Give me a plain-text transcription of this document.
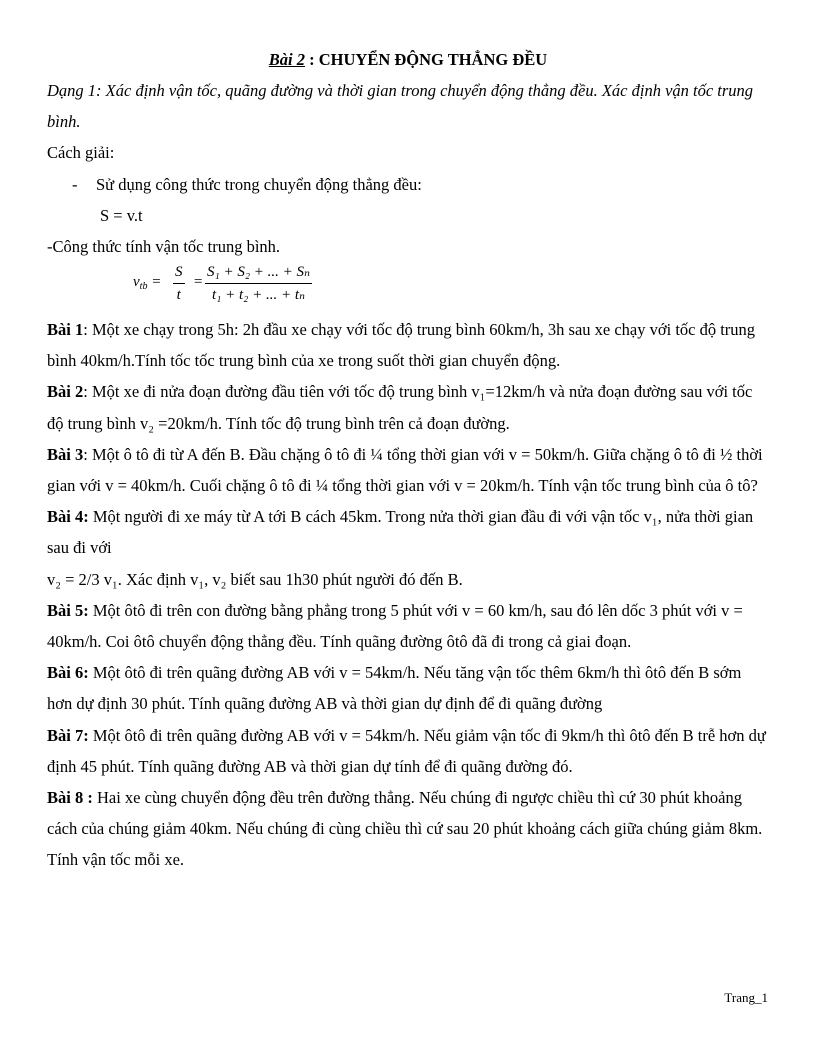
Bài 2 : CHUYỂN ĐỘNG THẲNG ĐỀU
Dạng 1: Xác định vận tốc, quãng đường và thời gian trong chuyển động thẳng đều. Xác định vận tốc trung bình.
Cách giải:
- Sử dụng công thức trong chuyển động thẳng đều:
S = v.t
-Công thức tính vận tốc trung bình.
$v_{tb} = \frac{S}{t} = \frac{\text{S₁ + S₂ + ... + Sₙ}}{\text{t₁ + t₂ + ... + tₙ}}$
Bài 1: Một xe chạy trong 5h: 2h đầu xe chạy với tốc độ trung bình 60km/h, 3h sau xe chạy với tốc độ trung bình 40km/h.Tính tốc tốc trung bình của xe trong suốt thời gian chuyển động.
Bài 2: Một xe đi nửa đoạn đường đầu tiên với tốc độ trung bình v₁=12km/h và nửa đoạn đường sau với tốc độ trung bình v₂ =20km/h. Tính tốc độ trung bình trên cả đoạn đường.
Bài 3: Một ô tô đi từ A đến B. Đầu chặng ô tô đi ¼ tổng thời gian với v = 50km/h. Giữa chặng ô tô đi ½ thời gian với v = 40km/h. Cuối chặng ô tô đi ¼ tổng thời gian với v = 20km/h. Tính vận tốc trung bình của ô tô?
Bài 4: Một người đi xe máy từ A tới B cách 45km. Trong nửa thời gian đầu đi với vận tốc v₁, nửa thời gian sau đi với
v₂ = 2/3 v₁. Xác định v₁, v₂ biết sau 1h30 phút người đó đến B.
Bài 5: Một ôtô đi trên con đường bằng phẳng trong 5 phút với v = 60 km/h, sau đó lên dốc 3 phút với v = 40km/h. Coi ôtô chuyển động thẳng đều. Tính quãng đường ôtô đã đi trong cả giai đoạn.
Bài 6: Một ôtô đi trên quãng đường AB với v = 54km/h. Nếu tăng vận tốc thêm 6km/h thì ôtô đến B sớm hơn dự định 30 phút. Tính quãng đường AB và thời gian dự định để đi quãng đường
Bài 7: Một ôtô đi trên quãng đường AB với v = 54km/h. Nếu giảm vận tốc đi 9km/h thì ôtô đến B trễ hơn dự định 45 phút. Tính quãng đường AB và thời gian dự tính để đi quãng đường đó.
Bài 8 : Hai xe cùng chuyển động đều trên đường thẳng. Nếu chúng đi ngược chiều thì cứ 30 phút khoảng cách của chúng giảm 40km. Nếu chúng đi cùng chiều thì cứ sau 20 phút khoảng cách giữa chúng giảm 8km. Tính vận tốc mỗi xe.
Trang_1
